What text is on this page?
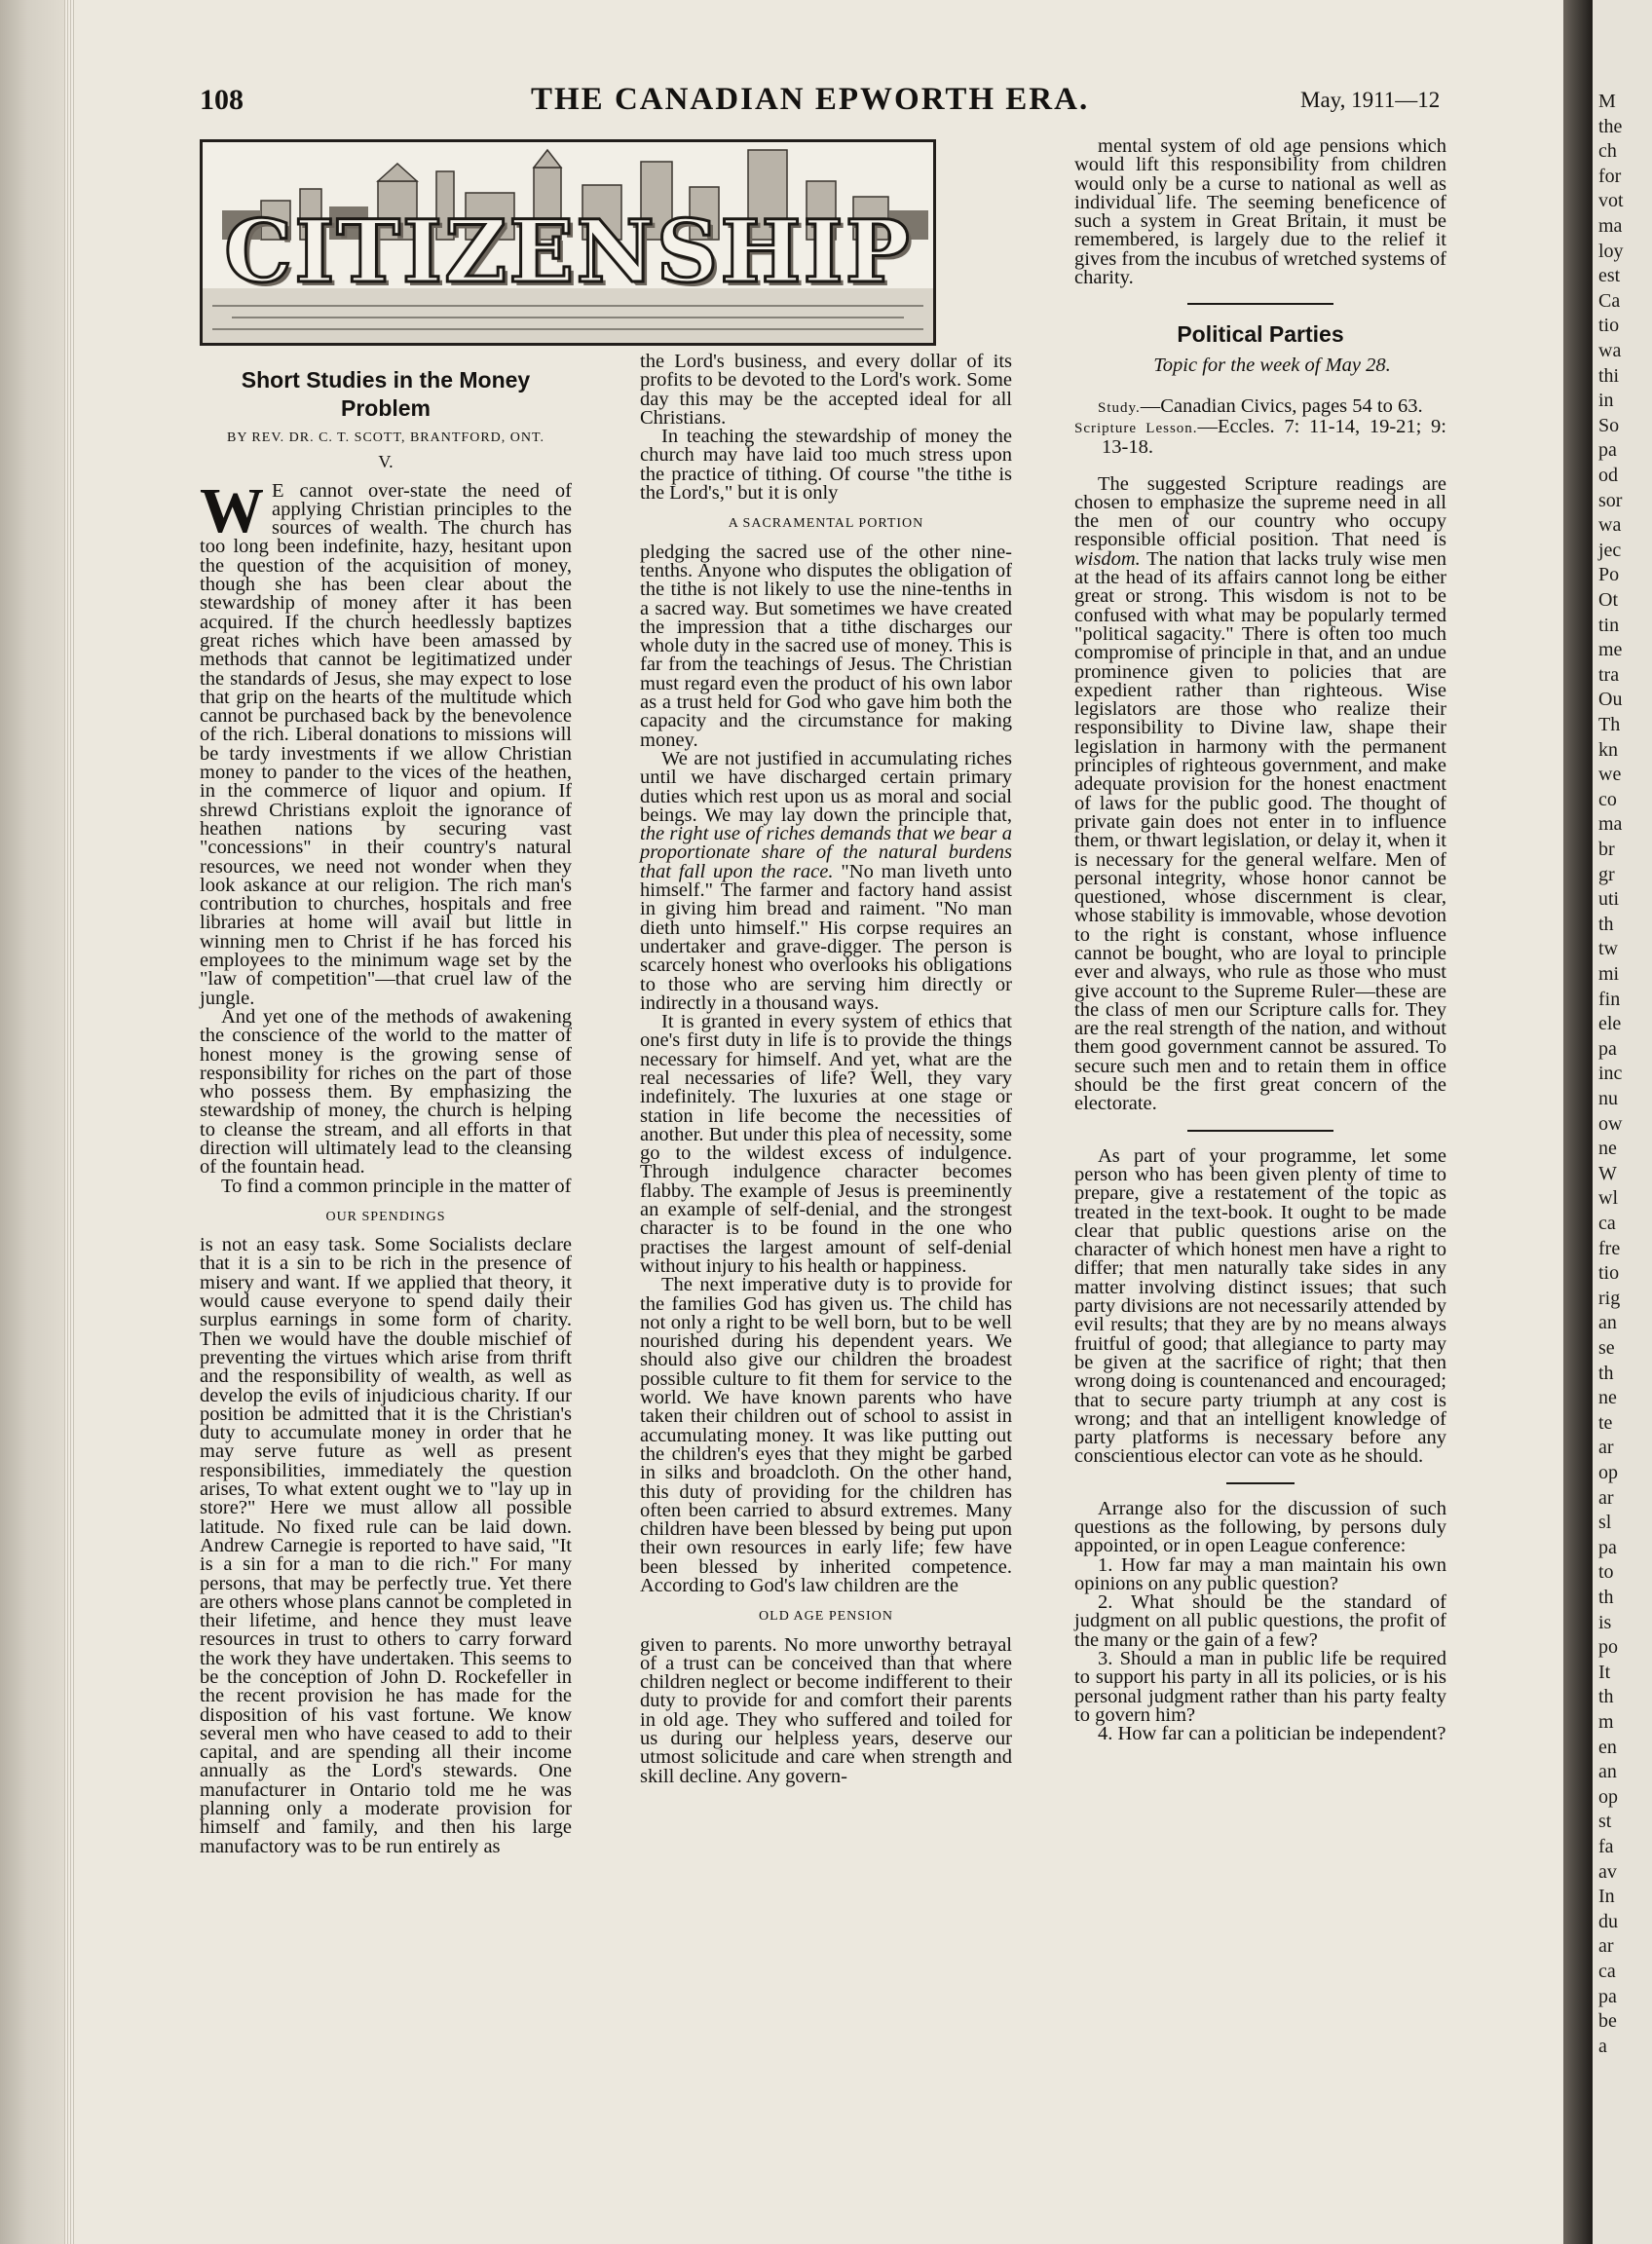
108	THE CANADIAN EPWORTH ERA.	May, 1911—12
CITIZENSHIP
Short Studies in the Money Problem
BY REV. DR. C. T. SCOTT, BRANTFORD, ONT.
V.

W E cannot over-state the need of applying Christian principles to the sources of wealth. The church has too long been indefinite, hazy, hesitant upon the question of the acquisition of money, though she has been clear about the stewardship of money after it has been acquired. If the church heedlessly baptizes great riches which have been amassed by methods that cannot be legitimatized under the standards of Jesus, she may expect to lose that grip on the hearts of the multitude which cannot be purchased back by the benevolence of the rich. Liberal donations to missions will be tardy investments if we allow Christian money to pander to the vices of the heathen, in the commerce of liquor and opium. If shrewd Christians exploit the ignorance of heathen nations by securing vast "concessions" in their country's natural resources, we need not wonder when they look askance at our religion. The rich man's contribution to churches, hospitals and free libraries at home will avail but little in winning men to Christ if he has forced his employees to the minimum wage set by the "law of competition"—that cruel law of the jungle.

And yet one of the methods of awakening the conscience of the world to the matter of honest money is the growing sense of responsibility for riches on the part of those who possess them. By emphasizing the stewardship of money, the church is helping to cleanse the stream, and all efforts in that direction will ultimately lead to the cleansing of the fountain head.

To find a common principle in the matter of

OUR SPENDINGS

is not an easy task. Some Socialists declare that it is a sin to be rich in the presence of misery and want. If we applied that theory, it would cause everyone to spend daily their surplus earnings in some form of charity. Then we would have the double mischief of preventing the virtues which arise from thrift and the responsibility of wealth, as well as develop the evils of injudicious charity. If our position be admitted that it is the Christian's duty to accumulate money in order that he may serve future as well as present responsibilities, immediately the question arises, To what extent ought we to "lay up in store?" Here we must allow all possible latitude. No fixed rule can be laid down. Andrew Carnegie is reported to have said, "It is a sin for a man to die rich." For many persons, that may be perfectly true. Yet there are others whose plans cannot be completed in their lifetime, and hence they must leave resources in trust to others to carry forward the work they have undertaken. This seems to be the conception of John D. Rockefeller in the recent provision he has made for the disposition of his vast fortune. We know several men who have ceased to add to their capital, and are spending all their income annually as the Lord's stewards. One manufacturer in Ontario told me he was planning only a moderate provision for himself and family, and then his large manufactory was to be run entirely as

the Lord's business, and every dollar of its profits to be devoted to the Lord's work. Some day this may be the accepted ideal for all Christians.

In teaching the stewardship of money the church may have laid too much stress upon the practice of tithing. Of course "the tithe is the Lord's," but it is only

A SACRAMENTAL PORTION

pledging the sacred use of the other nine-tenths. Anyone who disputes the obligation of the tithe is not likely to use the nine-tenths in a sacred way. But sometimes we have created the impression that a tithe discharges our whole duty in the sacred use of money. This is far from the teachings of Jesus. The Christian must regard even the product of his own labor as a trust held for God who gave him both the capacity and the circumstance for making money.

We are not justified in accumulating riches until we have discharged certain primary duties which rest upon us as moral and social beings. We may lay down the principle that, the right use of riches demands that we bear a proportionate share of the natural burdens that fall upon the race. "No man liveth unto himself." The farmer and factory hand assist in giving him bread and raiment. "No man dieth unto himself." His corpse requires an undertaker and grave-digger. The person is scarcely honest who overlooks his obligations to those who are serving him directly or indirectly in a thousand ways.

It is granted in every system of ethics that one's first duty in life is to provide the things necessary for himself. And yet, what are the real necessaries of life? Well, they vary indefinitely. The luxuries at one stage or station in life become the necessities of another. But under this plea of necessity, some go to the wildest excess of indulgence. Through indulgence character becomes flabby. The example of Jesus is preeminently an example of self-denial, and the strongest character is to be found in the one who practises the largest amount of self-denial without injury to his health or happiness.

The next imperative duty is to provide for the families God has given us. The child has not only a right to be well born, but to be well nourished during his dependent years. We should also give our children the broadest possible culture to fit them for service to the world. We have known parents who have taken their children out of school to assist in accumulating money. It was like putting out the children's eyes that they might be garbed in silks and broadcloth. On the other hand, this duty of providing for the children has often been carried to absurd extremes. Many children have been blessed by being put upon their own resources in early life; few have been blessed by inherited competence. According to God's law children are the

OLD AGE PENSION

given to parents. No more unworthy betrayal of a trust can be conceived than that where children neglect or become indifferent to their duty to provide for and comfort their parents in old age. They who suffered and toiled for us during our helpless years, deserve our utmost solicitude and care when strength and skill decline. Any govern-

mental system of old age pensions which would lift this responsibility from children would only be a curse to national as well as individual life. The seeming beneficence of such a system in Great Britain, it must be remembered, is largely due to the relief it gives from the incubus of wretched systems of charity.

Political Parties

Topic for the week of May 28.

Study.—Canadian Civics, pages 54 to 63.
Scripture Lesson.—Eccles. 7: 11-14, 19-21; 9: 13-18.

The suggested Scripture readings are chosen to emphasize the supreme need in all the men of our country who occupy responsible official position. That need is wisdom. The nation that lacks truly wise men at the head of its affairs cannot long be either great or strong. This wisdom is not to be confused with what may be popularly termed "political sagacity." There is often too much compromise of principle in that, and an undue prominence given to policies that are expedient rather than righteous. Wise legislators are those who realize their responsibility to Divine law, shape their legislation in harmony with the permanent principles of righteous government, and make adequate provision for the honest enactment of laws for the public good. The thought of private gain does not enter in to influence them, or thwart legislation, or delay it, when it is necessary for the general welfare. Men of personal integrity, whose honor cannot be questioned, whose discernment is clear, whose stability is immovable, whose devotion to the right is constant, whose influence cannot be bought, who are loyal to principle ever and always, who rule as those who must give account to the Supreme Ruler—these are the class of men our Scripture calls for. They are the real strength of the nation, and without them good government cannot be assured. To secure such men and to retain them in office should be the first great concern of the electorate.

As part of your programme, let some person who has been given plenty of time to prepare, give a restatement of the topic as treated in the text-book. It ought to be made clear that public questions arise on the character of which honest men have a right to differ; that men naturally take sides in any matter involving distinct issues; that such party divisions are not necessarily attended by evil results; that they are by no means always fruitful of good; that allegiance to party may be given at the sacrifice of right; that then wrong doing is countenanced and encouraged; that to secure party triumph at any cost is wrong; and that an intelligent knowledge of party platforms is necessary before any conscientious elector can vote as he should.

Arrange also for the discussion of such questions as the following, by persons duly appointed, or in open League conference:

1. How far may a man maintain his own opinions on any public question?

2. What should be the standard of judgment on all public questions, the profit of the many or the gain of a few?

3. Should a man in public life be required to support his party in all its policies, or is his personal judgment rather than his party fealty to govern him?

4. How far can a politician be independent?

M
the
ch
for
vot
ma
loy
est
Ca
tio
wa
thi
in
So
pa
od
sor
wa
jec
Po
Ot
tin
me
tra
Ou
Th
kn
we
co
ma
br
gr
uti
th
tw
mi
fin
ele
pa
inc
nu
ow
ne
W
wl
ca
fre
tio
rig
an
se
th
ne
te
ar
op
ar
sl
pa
to
th
is
po
It
th
m
en
an
op
st
fa
av
In
du
ar
ca
pa
be
a
